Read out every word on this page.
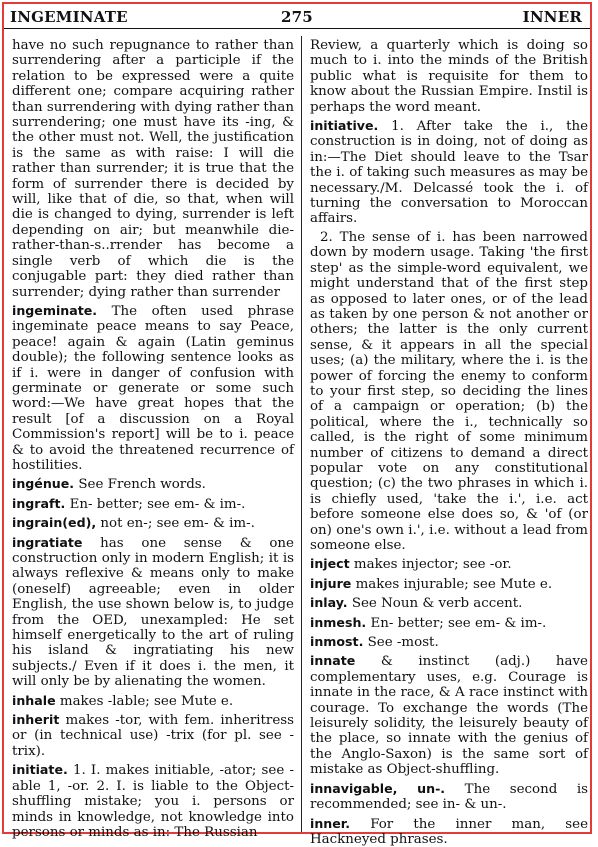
INGEMINATE	275	INNER

have no such repugnance to rather than surrendering after a participle if the relation to be expressed were a quite different one; compare acquiring rather than surrendering with dying rather than surrendering; one must have its -ing, & the other must not. Well, the justification is the same as with raise: I will die rather than surrender; it is true that the form of surrender there is decided by will, like that of die, so that, when will die is changed to dying, surrender is left depending on air; but meanwhile die-rather-than-s..rrender has become a single verb of which die is the conjugable part: they died rather than surrender; dying rather than surrender

ingeminate. The often used phrase ingeminate peace means to say Peace, peace! again & again (Latin geminus double); the following sentence looks as if i. were in danger of confusion with germinate or generate or some such word:—We have great hopes that the result [of a discussion on a Royal Commission's report] will be to i. peace & to avoid the threatened recurrence of hostilities.

ingénue. See French words.

ingraft. En- better; see em- & im-.

ingrain(ed), not en-; see em- & im-.

ingratiate has one sense & one construction only in modern English; it is always reflexive & means only to make (oneself) agreeable; even in older English, the use shown below is, to judge from the OED, unexampled: He set himself energetically to the art of ruling his island & ingratiating his new subjects./ Even if it does i. the men, it will only be by alienating the women.

inhale makes -lable; see Mute e.

inherit makes -tor, with fem. inheritress or (in technical use) -trix (for pl. see -trix).

initiate. 1. I. makes initiable, -ator; see -able 1, -or. 2. I. is liable to the Object-shuffling mistake; you i. persons or minds in knowledge, not knowledge into persons or minds as in: The Russian

Review, a quarterly which is doing so much to i. into the minds of the British public what is requisite for them to know about the Russian Empire. Instil is perhaps the word meant.

initiative. 1. After take the i., the construction is in doing, not of doing as in:—The Diet should leave to the Tsar the i. of taking such measures as may be necessary./M. Delcassé took the i. of turning the conversation to Moroccan affairs.

2. The sense of i. has been narrowed down by modern usage. Taking 'the first step' as the simple-word equivalent, we might understand that of the first step as opposed to later ones, or of the lead as taken by one person & not another or others; the latter is the only current sense, & it appears in all the special uses; (a) the military, where the i. is the power of forcing the enemy to conform to your first step, so deciding the lines of a campaign or operation; (b) the political, where the i., technically so called, is the right of some minimum number of citizens to demand a direct popular vote on any constitutional question; (c) the two phrases in which i. is chiefly used, 'take the i.', i.e. act before someone else does so, & 'of (or on) one's own i.', i.e. without a lead from someone else.

inject makes injector; see -or.

injure makes injurable; see Mute e.

inlay. See Noun & verb accent.

inmesh. En- better; see em- & im-.

inmost. See -most.

innate & instinct (adj.) have complementary uses, e.g. Courage is innate in the race, & A race instinct with courage. To exchange the words (The leisurely solidity, the leisurely beauty of the place, so innate with the genius of the Anglo-Saxon) is the same sort of mistake as Object-shuffling.

innavigable, un-. The second is recommended; see in- & un-.

inner. For the inner man, see Hackneyed phrases.
